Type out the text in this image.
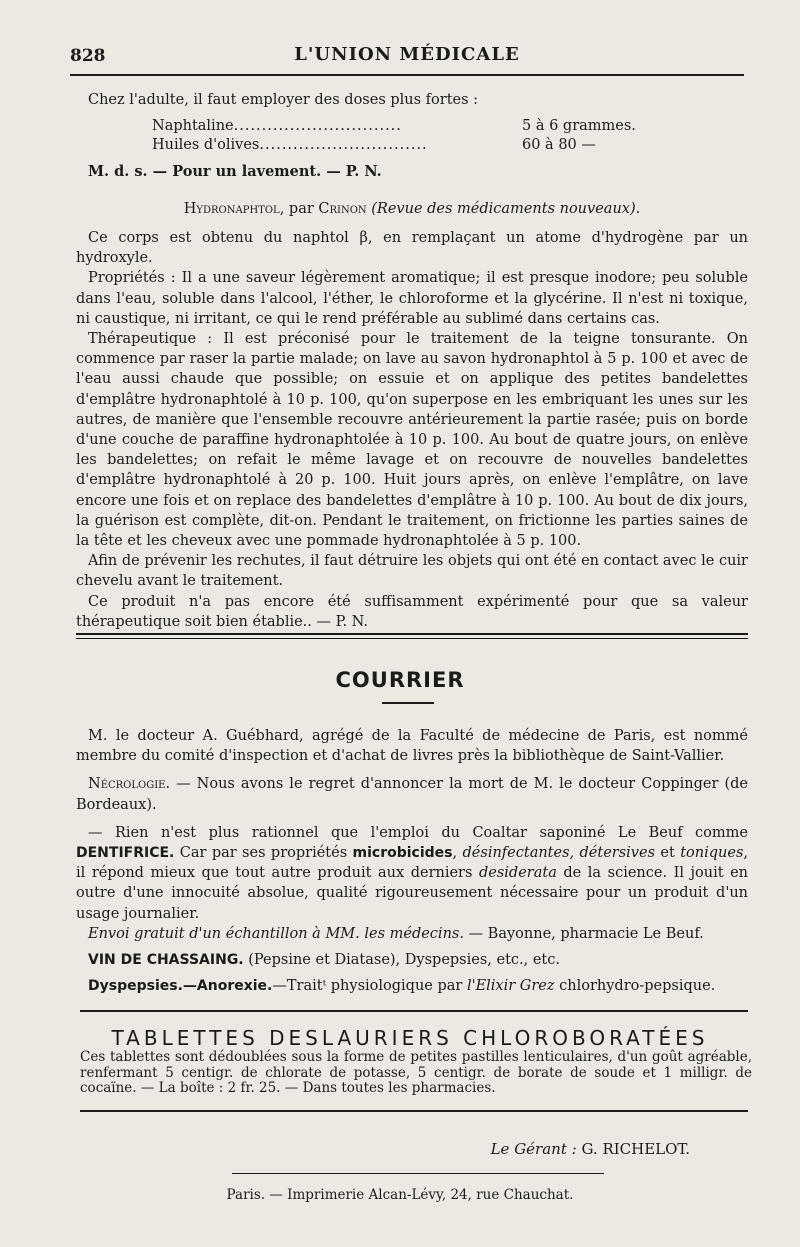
828	L'UNION MÉDICALE

Chez l'adulte, il faut employer des doses plus fortes :

Naphtaline ..............................	5 à 6 grammes.
Huiles d'olives ..............................	60 à 80 —

M. d. s. — Pour un lavement. — P. N.

Hydronaphtol, par Crinon (Revue des médicaments nouveaux).

Ce corps est obtenu du naphtol β, en remplaçant un atome d'hydrogène par un hydroxyle.

Propriétés : Il a une saveur légèrement aromatique; il est presque inodore; peu soluble dans l'eau, soluble dans l'alcool, l'éther, le chloroforme et la glycérine. Il n'est ni toxique, ni caustique, ni irritant, ce qui le rend préférable au sublimé dans certains cas.

Thérapeutique : Il est préconisé pour le traitement de la teigne tonsurante. On commence par raser la partie malade; on lave au savon hydronaphtol à 5 p. 100 et avec de l'eau aussi chaude que possible; on essuie et on applique des petites bandelettes d'emplâtre hydronaphtolé à 10 p. 100, qu'on superpose en les embriquant les unes sur les autres, de manière que l'ensemble recouvre antérieurement la partie rasée; puis on borde d'une couche de paraffine hydronaphtolée à 10 p. 100. Au bout de quatre jours, on enlève les bandelettes; on refait le même lavage et on recouvre de nouvelles bandelettes d'emplâtre hydronaphtolé à 20 p. 100. Huit jours après, on enlève l'emplâtre, on lave encore une fois et on replace des bandelettes d'emplâtre à 10 p. 100. Au bout de dix jours, la guérison est complète, dit-on. Pendant le traitement, on frictionne les parties saines de la tête et les cheveux avec une pommade hydronaphtolée à 5 p. 100.

Afin de prévenir les rechutes, il faut détruire les objets qui ont été en contact avec le cuir chevelu avant le traitement.

Ce produit n'a pas encore été suffisamment expérimenté pour que sa valeur thérapeutique soit bien établie.. — P. N.

COURRIER

M. le docteur A. Guébhard, agrégé de la Faculté de médecine de Paris, est nommé membre du comité d'inspection et d'achat de livres près la bibliothèque de Saint-Vallier.

Nécrologie. — Nous avons le regret d'annoncer la mort de M. le docteur Coppinger (de Bordeaux).

— Rien n'est plus rationnel que l'emploi du Coaltar saponiné Le Beuf comme DENTIFRICE. Car par ses propriétés microbicides, désinfectantes, détersives et toniques, il répond mieux que tout autre produit aux derniers desiderata de la science. Il jouit en outre d'une innocuité absolue, qualité rigoureusement nécessaire pour un produit d'un usage journalier.

Envoi gratuit d'un échantillon à MM. les médecins. — Bayonne, pharmacie Le Beuf.

VIN DE CHASSAING. (Pepsine et Diatase), Dyspepsies, etc., etc.

Dyspepsies.—Anorexie.—Traitᵗ physiologique par l'Elixir Grez chlorhydro-pepsique.

TABLETTES DESLAURIERS CHLOROBORATÉES
Ces tablettes sont dédoublées sous la forme de petites pastilles lenticulaires, d'un goût agréable, renfermant 5 centigr. de chlorate de potasse, 5 centigr. de borate de soude et 1 milligr. de cocaïne. — La boîte : 2 fr. 25. — Dans toutes les pharmacies.
Le Gérant : G. RICHELOT.
Paris. — Imprimerie Alcan-Lévy, 24, rue Chauchat.
